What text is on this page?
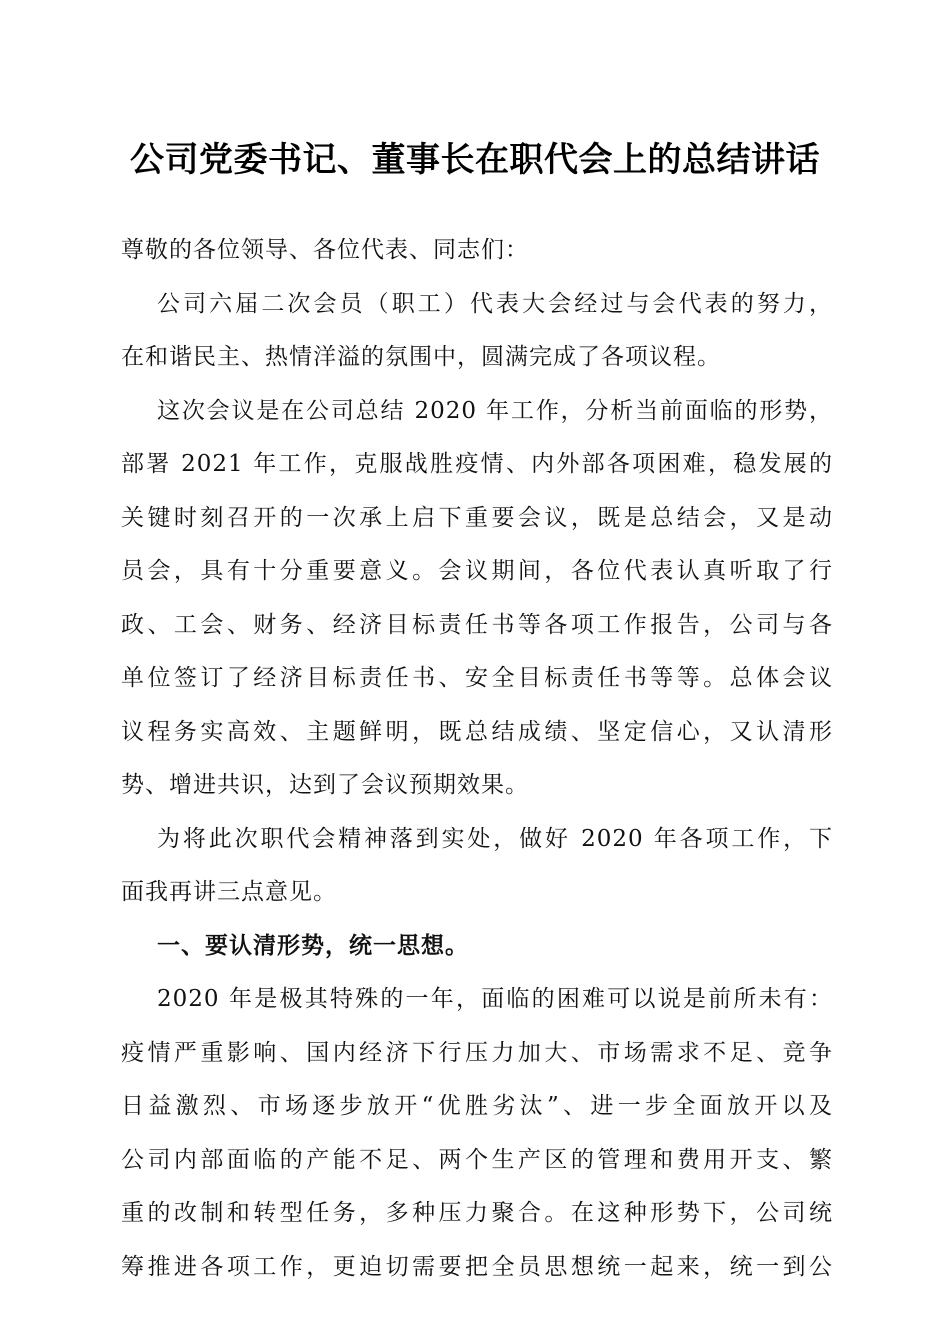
公司党委书记、董事长在职代会上的总结讲话
尊敬的各位领导、各位代表、同志们：
公司六届二次会员（职工）代表大会经过与会代表的努力，
在和谐民主、热情洋溢的氛围中，圆满完成了各项议程。
这次会议是在公司总结 2020 年工作，分析当前面临的形势，
部署 2021 年工作，克服战胜疫情、内外部各项困难，稳发展的
关键时刻召开的一次承上启下重要会议，既是总结会，又是动
员会，具有十分重要意义。会议期间，各位代表认真听取了行
政、工会、财务、经济目标责任书等各项工作报告，公司与各
单位签订了经济目标责任书、安全目标责任书等等。总体会议
议程务实高效、主题鲜明，既总结成绩、坚定信心，又认清形
势、增进共识，达到了会议预期效果。
为将此次职代会精神落到实处，做好 2020 年各项工作，下
面我再讲三点意见。
一、要认清形势，统一思想。
2020 年是极其特殊的一年，面临的困难可以说是前所未有：
疫情严重影响、国内经济下行压力加大、市场需求不足、竞争
日益激烈、市场逐步放开“优胜劣汰”、进一步全面放开以及
公司内部面临的产能不足、两个生产区的管理和费用开支、繁
重的改制和转型任务，多种压力聚合。在这种形势下，公司统
筹推进各项工作，更迫切需要把全员思想统一起来，统一到公
